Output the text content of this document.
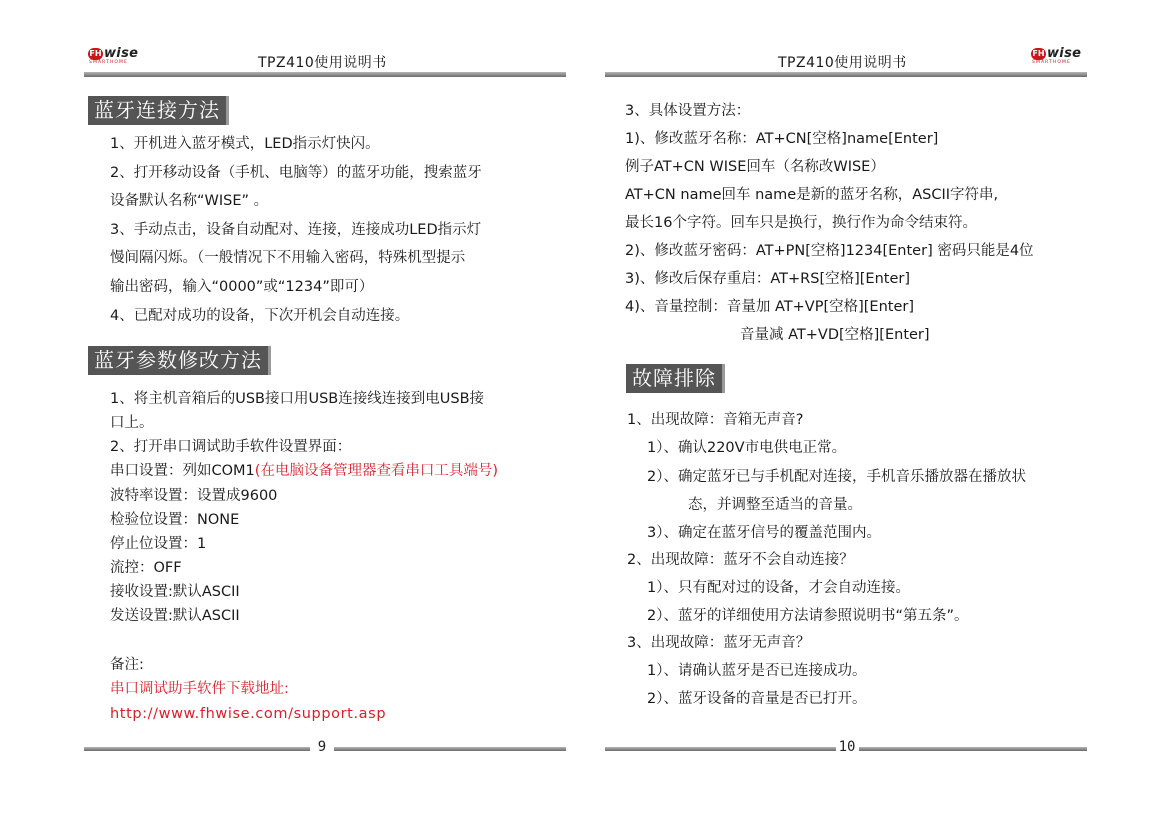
FH wise
SMARTHOME	TPZ410使用说明书
蓝牙连接方法
1、开机进入蓝牙模式，LED指示灯快闪。
2、打开移动设备（手机、电脑等）的蓝牙功能，搜索蓝牙
设备默认名称“WISE” 。
3、手动点击，设备自动配对、连接，连接成功LED指示灯
慢间隔闪烁。（一般情况下不用输入密码，特殊机型提示
输出密码，输入“0000”或“1234”即可）
4、已配对成功的设备，下次开机会自动连接。
蓝牙参数修改方法
1、将主机音箱后的USB接口用USB连接线连接到电USB接
口上。
2、打开串口调试助手软件设置界面：
串口设置：列如COM1(在电脑设备管理器查看串口工具端号)
波特率设置：设置成9600
检验位设置：NONE
停止位设置：1
流控：OFF
接收设置:默认ASCII
发送设置:默认ASCII
备注:
串口调试助手软件下载地址:
http://www.fhwise.com/support.asp
9
TPZ410使用说明书
FH wise
SMARTHOME
3、具体设置方法：
1)、修改蓝牙名称：AT+CN[空格]name[Enter]
例子AT+CN WISE回车（名称改WISE）
AT+CN name回车 name是新的蓝牙名称，ASCII字符串,
最长16个字符。回车只是换行，换行作为命令结束符。
2)、修改蓝牙密码：AT+PN[空格]1234[Enter] 密码只能是4位
3)、修改后保存重启：AT+RS[空格][Enter]
4)、音量控制：音量加 AT+VP[空格][Enter]
音量减 AT+VD[空格][Enter]
故障排除
1、出现故障：音箱无声音?
1）、确认220V市电供电正常。
2）、确定蓝牙已与手机配对连接，手机音乐播放器在播放状
态，并调整至适当的音量。
3）、确定在蓝牙信号的覆盖范围内。
2、出现故障：蓝牙不会自动连接？
1）、只有配对过的设备，才会自动连接。
2）、蓝牙的详细使用方法请参照说明书“第五条”。
3、出现故障：蓝牙无声音？
1）、请确认蓝牙是否已连接成功。
2）、蓝牙设备的音量是否已打开。
10
